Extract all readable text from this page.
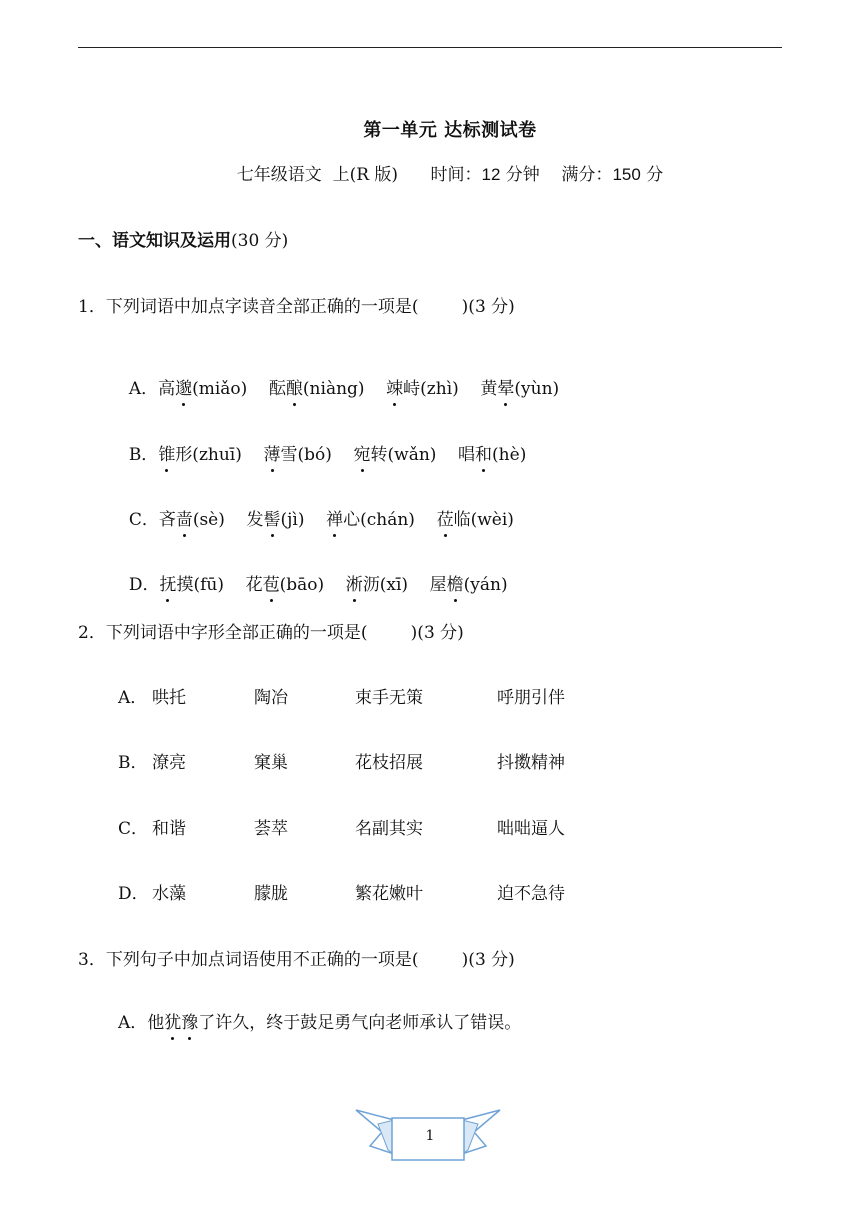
第一单元 达标测试卷
七年级语文  上(R 版)      时间：12 分钟    满分：150 分
一、语文知识及运用(30 分)
1．下列词语中加点字读音全部正确的一项是(        )(3 分)

A．高邈(miǎo) 酝酿(niàng) 竦峙(zhì) 黄晕(yùn)

B．锥形(zhuī) 薄雪(bó) 宛转(wǎn) 唱和(hè)

C．吝啬(sè) 发髻(jì) 禅心(chán) 莅临(wèi)

D．抚摸(fū) 花苞(bāo) 淅沥(xī) 屋檐(yán)

2．下列词语中字形全部正确的一项是(        )(3 分)
A． 哄托	陶冶	束手无策	呼朋引伴
B． 潦亮	窠巢	花枝招展	抖擞精神
C． 和谐	荟萃	名副其实	咄咄逼人
D． 水藻	朦胧	繁花嫩叶	迫不急待
3．下列句子中加点词语使用不正确的一项是(        )(3 分)
A．他犹豫了许久，终于鼓足勇气向老师承认了错误。
1
